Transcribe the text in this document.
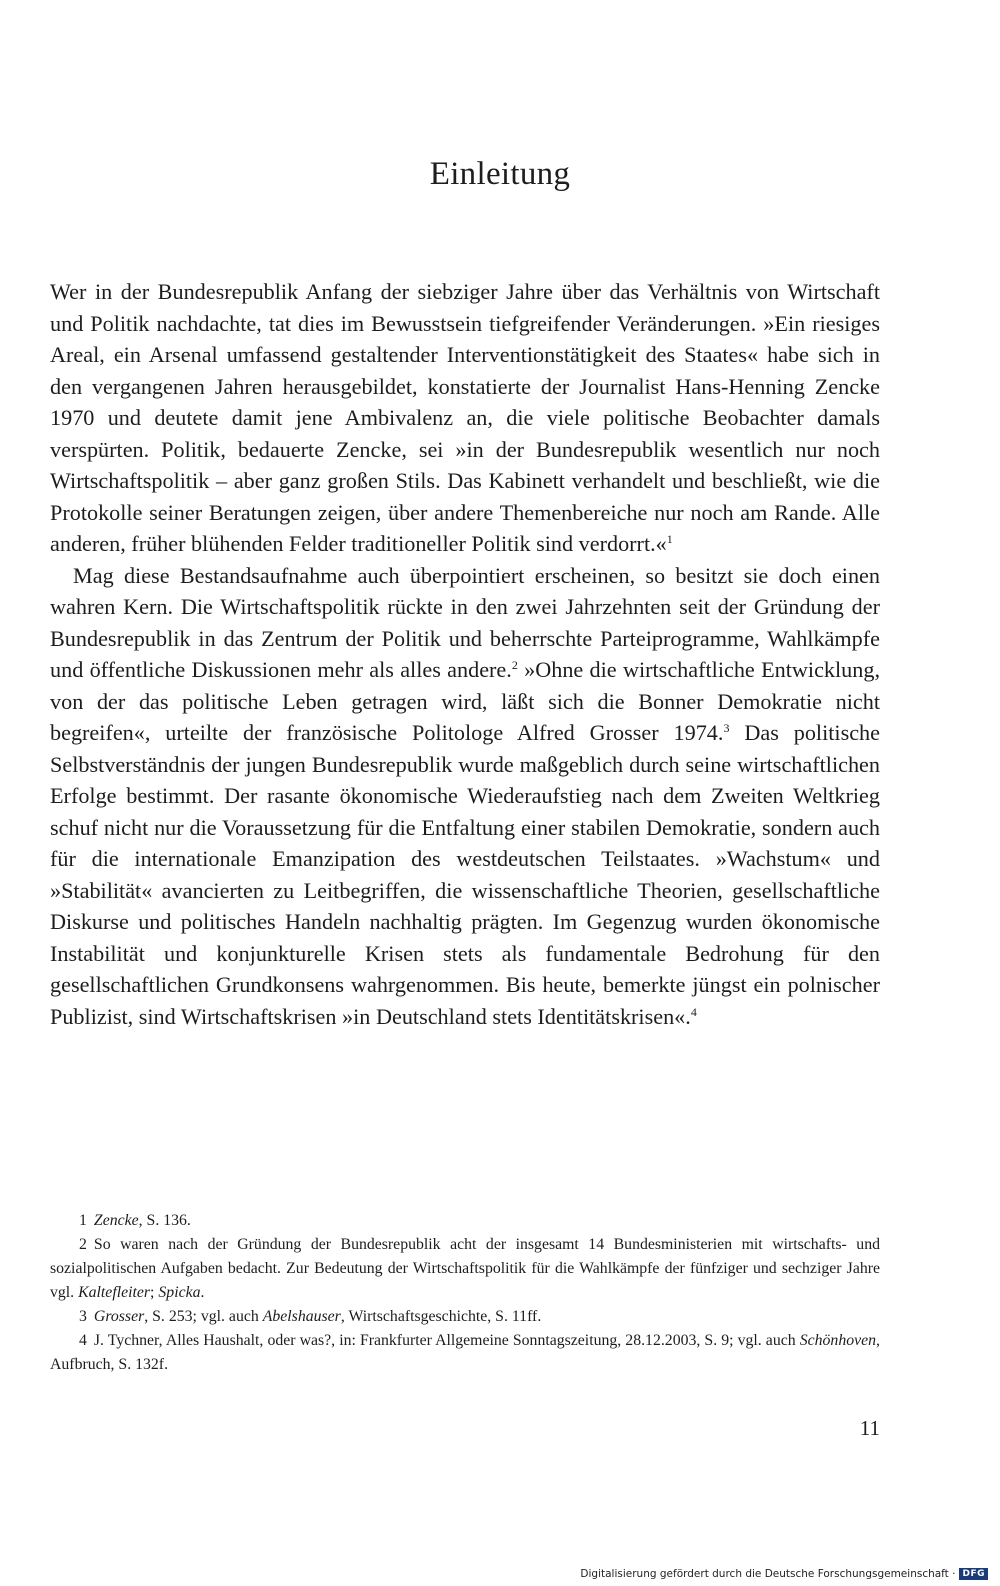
Einleitung

Wer in der Bundesrepublik Anfang der siebziger Jahre über das Verhältnis von Wirtschaft und Politik nachdachte, tat dies im Bewusstsein tiefgreifender Veränderungen. »Ein riesiges Areal, ein Arsenal umfassend gestaltender Interventionstätigkeit des Staates« habe sich in den vergangenen Jahren herausgebildet, konstatierte der Journalist Hans-Henning Zencke 1970 und deutete damit jene Ambivalenz an, die viele politische Beobachter damals verspürten. Politik, bedauerte Zencke, sei »in der Bundesrepublik wesentlich nur noch Wirtschaftspolitik – aber ganz großen Stils. Das Kabinett verhandelt und beschließt, wie die Protokolle seiner Beratungen zeigen, über andere Themenbereiche nur noch am Rande. Alle anderen, früher blühenden Felder traditioneller Politik sind verdorrt.«$^1$

Mag diese Bestandsaufnahme auch überpointiert erscheinen, so besitzt sie doch einen wahren Kern. Die Wirtschaftspolitik rückte in den zwei Jahrzehnten seit der Gründung der Bundesrepublik in das Zentrum der Politik und beherrschte Parteiprogramme, Wahlkämpfe und öffentliche Diskussionen mehr als alles andere.$^2$ »Ohne die wirtschaftliche Entwicklung, von der das politische Leben getragen wird, läßt sich die Bonner Demokratie nicht begreifen«, urteilte der französische Politologe Alfred Grosser 1974.$^3$ Das politische Selbstverständnis der jungen Bundesrepublik wurde maßgeblich durch seine wirtschaftlichen Erfolge bestimmt. Der rasante ökonomische Wiederaufstieg nach dem Zweiten Weltkrieg schuf nicht nur die Voraussetzung für die Entfaltung einer stabilen Demokratie, sondern auch für die internationale Emanzipation des westdeutschen Teilstaates. »Wachstum« und »Stabilität« avancierten zu Leitbegriffen, die wissenschaftliche Theorien, gesellschaftliche Diskurse und politisches Handeln nachhaltig prägten. Im Gegenzug wurden ökonomische Instabilität und konjunkturelle Krisen stets als fundamentale Bedrohung für den gesellschaftlichen Grundkonsens wahrgenommen. Bis heute, bemerkte jüngst ein polnischer Publizist, sind Wirtschaftskrisen »in Deutschland stets Identitätskrisen«.$^4$

1 Zencke, S. 136.

2 So waren nach der Gründung der Bundesrepublik acht der insgesamt 14 Bundesministerien mit wirtschafts- und sozialpolitischen Aufgaben bedacht. Zur Bedeutung der Wirtschaftspolitik für die Wahlkämpfe der fünfziger und sechziger Jahre vgl. Kaltefleiter; Spicka.

3 Grosser, S. 253; vgl. auch Abelshauser, Wirtschaftsgeschichte, S. 11ff.

4 J. Tychner, Alles Haushalt, oder was?, in: Frankfurter Allgemeine Sonntagszeitung, 28.12.2003, S. 9; vgl. auch Schönhoven, Aufbruch, S. 132f.

11
Digitalisierung gefördert durch die Deutsche Forschungsgemeinschaft · DFG
